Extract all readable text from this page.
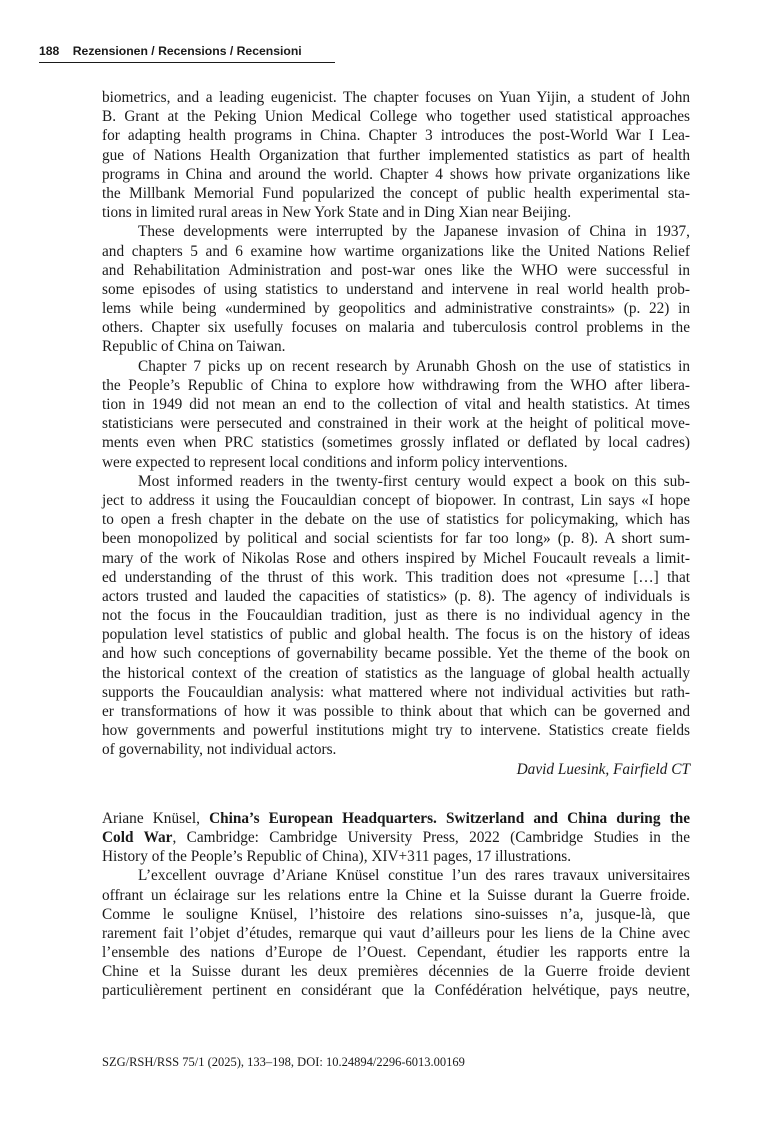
188 Rezensionen / Recensions / Recensioni
biometrics, and a leading eugenicist. The chapter focuses on Yuan Yijin, a student of John
B. Grant at the Peking Union Medical College who together used statistical approaches
for adapting health programs in China. Chapter 3 introduces the post-World War I Lea-
gue of Nations Health Organization that further implemented statistics as part of health
programs in China and around the world. Chapter 4 shows how private organizations like
the Millbank Memorial Fund popularized the concept of public health experimental sta-
tions in limited rural areas in New York State and in Ding Xian near Beijing.
These developments were interrupted by the Japanese invasion of China in 1937,
and chapters 5 and 6 examine how wartime organizations like the United Nations Relief
and Rehabilitation Administration and post-war ones like the WHO were successful in
some episodes of using statistics to understand and intervene in real world health prob-
lems while being «undermined by geopolitics and administrative constraints» (p. 22) in
others. Chapter six usefully focuses on malaria and tuberculosis control problems in the
Republic of China on Taiwan.
Chapter 7 picks up on recent research by Arunabh Ghosh on the use of statistics in
the People’s Republic of China to explore how withdrawing from the WHO after libera-
tion in 1949 did not mean an end to the collection of vital and health statistics. At times
statisticians were persecuted and constrained in their work at the height of political move-
ments even when PRC statistics (sometimes grossly inflated or deflated by local cadres)
were expected to represent local conditions and inform policy interventions.
Most informed readers in the twenty-first century would expect a book on this sub-
ject to address it using the Foucauldian concept of biopower. In contrast, Lin says «I hope
to open a fresh chapter in the debate on the use of statistics for policymaking, which has
been monopolized by political and social scientists for far too long» (p. 8). A short sum-
mary of the work of Nikolas Rose and others inspired by Michel Foucault reveals a limit-
ed understanding of the thrust of this work. This tradition does not «presume […] that
actors trusted and lauded the capacities of statistics» (p. 8). The agency of individuals is
not the focus in the Foucauldian tradition, just as there is no individual agency in the
population level statistics of public and global health. The focus is on the history of ideas
and how such conceptions of governability became possible. Yet the theme of the book on
the historical context of the creation of statistics as the language of global health actually
supports the Foucauldian analysis: what mattered where not individual activities but rath-
er transformations of how it was possible to think about that which can be governed and
how governments and powerful institutions might try to intervene. Statistics create fields
of governability, not individual actors.
David Luesink, Fairfield CT
Ariane Knüsel, China’s European Headquarters. Switzerland and China during the
Cold War, Cambridge: Cambridge University Press, 2022 (Cambridge Studies in the
History of the People’s Republic of China), XIV+311 pages, 17 illustrations.
L’excellent ouvrage d’Ariane Knüsel constitue l’un des rares travaux universitaires
offrant un éclairage sur les relations entre la Chine et la Suisse durant la Guerre froide.
Comme le souligne Knüsel, l’histoire des relations sino-suisses n’a, jusque-là, que
rarement fait l’objet d’études, remarque qui vaut d’ailleurs pour les liens de la Chine avec
l’ensemble des nations d’Europe de l’Ouest. Cependant, étudier les rapports entre la
Chine et la Suisse durant les deux premières décennies de la Guerre froide devient
particulièrement pertinent en considérant que la Confédération helvétique, pays neutre,
SZG/RSH/RSS 75/1 (2025), 133–198, DOI: 10.24894/2296-6013.00169
